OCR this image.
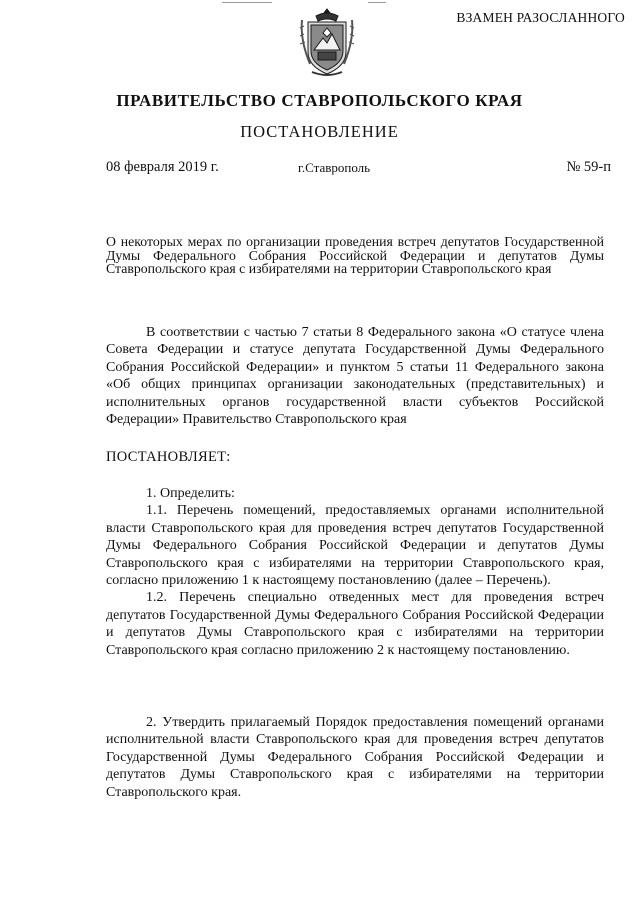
ВЗАМЕН РАЗОСЛАННОГО
ПРАВИТЕЛЬСТВО СТАВРОПОЛЬСКОГО КРАЯ
ПОСТАНОВЛЕНИЕ
08 февраля 2019 г.	г.Ставрополь	№ 59-п
О некоторых мерах по организации проведения встреч депутатов Государственной Думы Федерального Собрания Российской Федерации и депутатов Думы Ставропольского края с избирателями на территории Ставропольского края

В соответствии с частью 7 статьи 8 Федерального закона «О статусе члена Совета Федерации и статусе депутата Государственной Думы Федерального Собрания Российской Федерации» и пунктом 5 статьи 11 Федерального закона «Об общих принципах организации законодательных (представительных) и исполнительных органов государственной власти субъектов Российской Федерации» Правительство Ставропольского края

ПОСТАНОВЛЯЕТ:

1. Определить:

1.1. Перечень помещений, предоставляемых органами исполнительной власти Ставропольского края для проведения встреч депутатов Государственной Думы Федерального Собрания Российской Федерации и депутатов Думы Ставропольского края с избирателями на территории Ставропольского края, согласно приложению 1 к настоящему постановлению (далее – Перечень).

1.2. Перечень специально отведенных мест для проведения встреч депутатов Государственной Думы Федерального Собрания Российской Федерации и депутатов Думы Ставропольского края с избирателями на территории Ставропольского края согласно приложению 2 к настоящему постановлению.

2. Утвердить прилагаемый Порядок предоставления помещений органами исполнительной власти Ставропольского края для проведения встреч депутатов Государственной Думы Федерального Собрания Российской Федерации и депутатов Думы Ставропольского края с избирателями на территории Ставропольского края.
